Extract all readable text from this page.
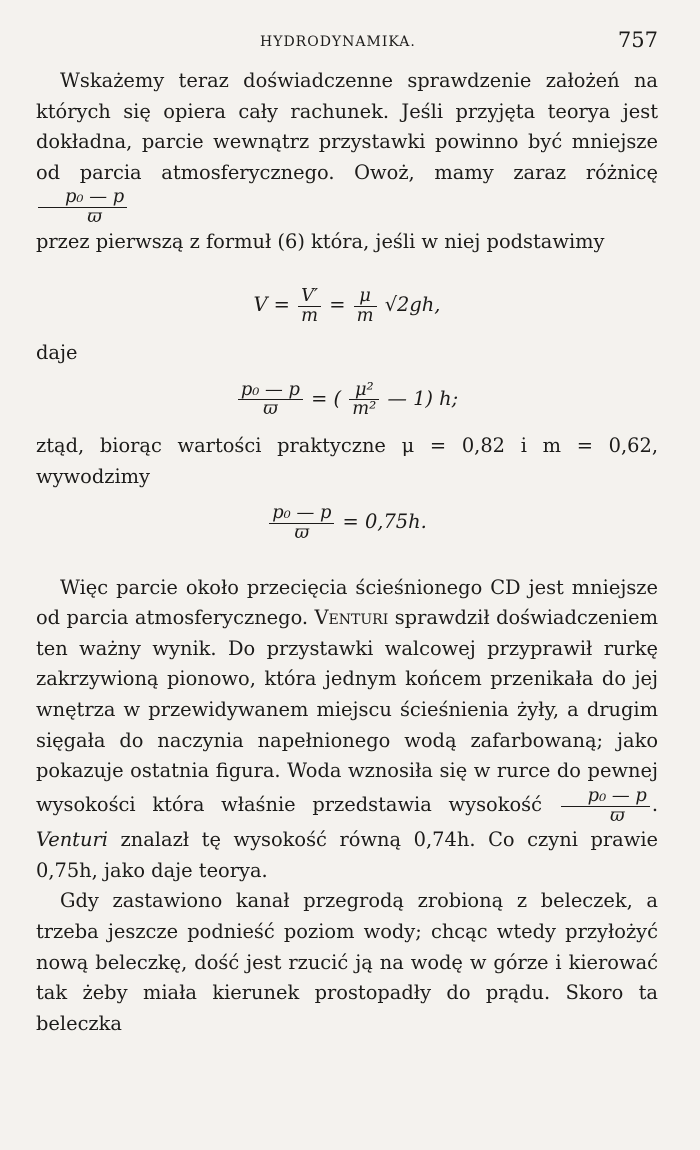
HYDRODYNAMIKA.	757

Wskażemy teraz doświadczenne sprawdzenie założeń na których się opiera cały rachunek. Jeśli przyjęta teorya jest dokładna, parcie wewnątrz przystawki powinno być mniejsze od parcia atmosferycznego. Owoż, mamy zaraz różnicę
$\frac{\text{p₀ — p}}{ϖ}$

przez pierwszą z formuł (6) która, jeśli w niej podstawimy

$V = \frac{V'}{m} = \frac{\mu}{m} √2gh$,

daje

$\frac{\text{p₀ — p}}{ϖ}$ = ( $\frac{\text{μ²}}{\text{m²}}$ — 1) h;

ztąd, biorąc wartości praktyczne μ = 0,82 i m = 0,62, wywodzimy

$\frac{\text{p₀ — p}}{ϖ} = 0,75h$.

Więc parcie około przecięcia ścieśnionego CD jest mniejsze od parcia atmosferycznego. Venturi sprawdził doświadczeniem ten ważny wynik. Do przystawki walcowej przyprawił rurkę zakrzywioną pionowo, która jednym końcem przenikała do jej wnętrza w przewidywanem miejscu ścieśnienia żyły, a drugim sięgała do naczynia napełnionego wodą zafarbowaną; jako pokazuje ostatnia figura. Woda wznosiła się w rurce do pewnej wysokości która właśnie przedstawia wysokość $\frac{\text{p₀ — p}}{ϖ}$ . Venturi znalazł tę wysokość równą 0,74h. Co czyni prawie 0,75h, jako daje teorya.

Gdy zastawiono kanał przegrodą zrobioną z beleczek, a trzeba jeszcze podnieść poziom wody; chcąc wtedy przyłożyć nową beleczkę, dość jest rzucić ją na wodę w górze i kierować tak żeby miała kierunek prostopadły do prądu. Skoro ta beleczka
